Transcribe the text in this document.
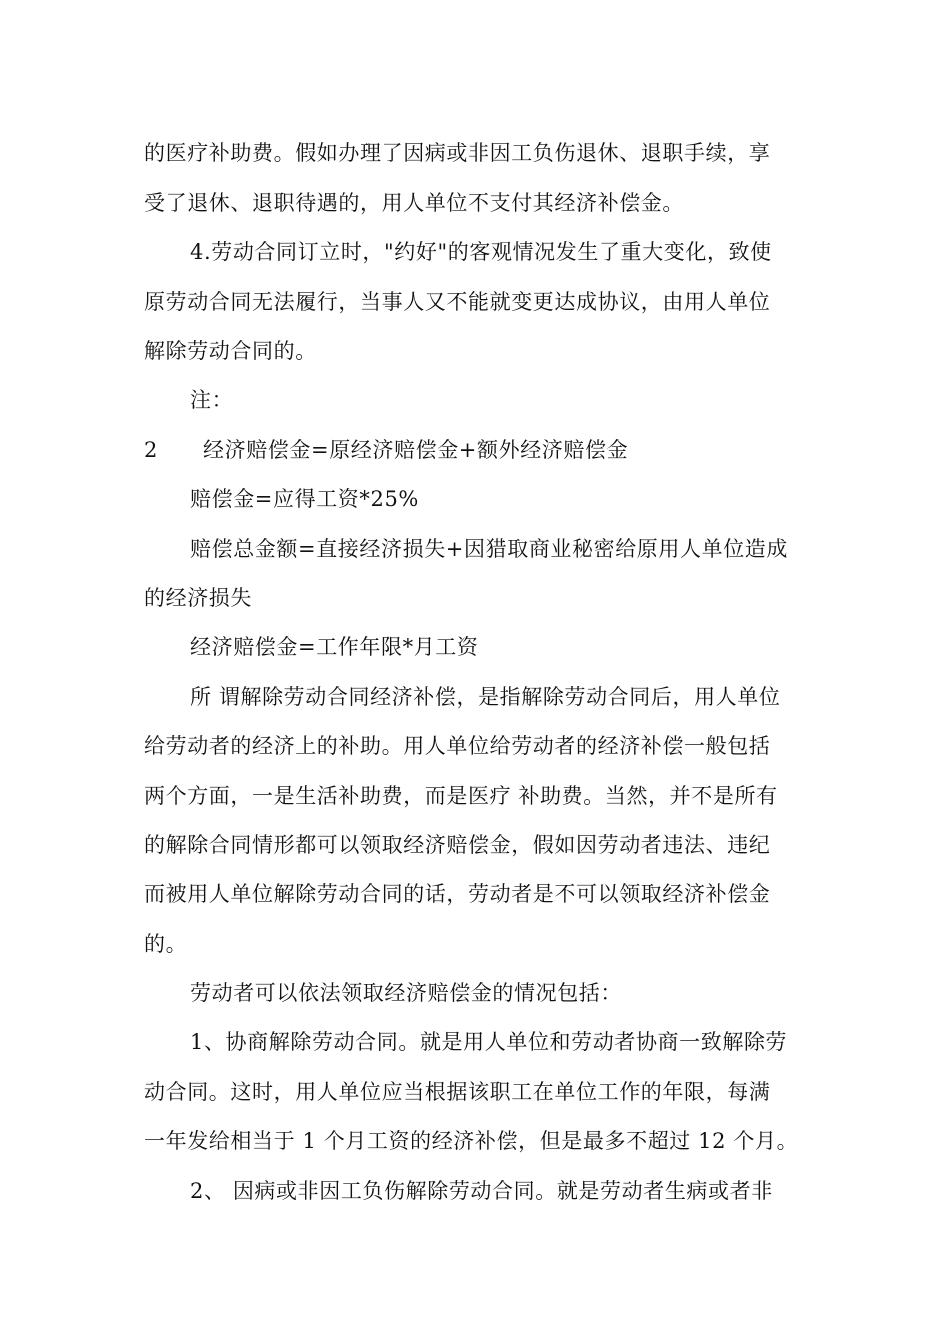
的医疗补助费。假如办理了因病或非因工负伤退休、退职手续，享
受了退休、退职待遇的，用人单位不支付其经济补偿金。
4.劳动合同订立时，"约好"的客观情况发生了重大变化，致使
原劳动合同无法履行，当事人又不能就变更达成协议，由用人单位
解除劳动合同的。
注：
2 经济赔偿金=原经济赔偿金+额外经济赔偿金
赔偿金=应得工资*25%
赔偿总金额=直接经济损失+因猎取商业秘密给原用人单位造成
的经济损失
经济赔偿金=工作年限*月工资
所 谓解除劳动合同经济补偿，是指解除劳动合同后，用人单位
给劳动者的经济上的补助。用人单位给劳动者的经济补偿一般包括
两个方面，一是生活补助费，而是医疗 补助费。当然，并不是所有
的解除合同情形都可以领取经济赔偿金，假如因劳动者违法、违纪
而被用人单位解除劳动合同的话，劳动者是不可以领取经济补偿金
的。
劳动者可以依法领取经济赔偿金的情况包括：
1、协商解除劳动合同。就是用人单位和劳动者协商一致解除劳
动合同。这时，用人单位应当根据该职工在单位工作的年限，每满
一年发给相当于 1 个月工资的经济补偿，但是最多不超过 12 个月。
2、 因病或非因工负伤解除劳动合同。就是劳动者生病或者非
